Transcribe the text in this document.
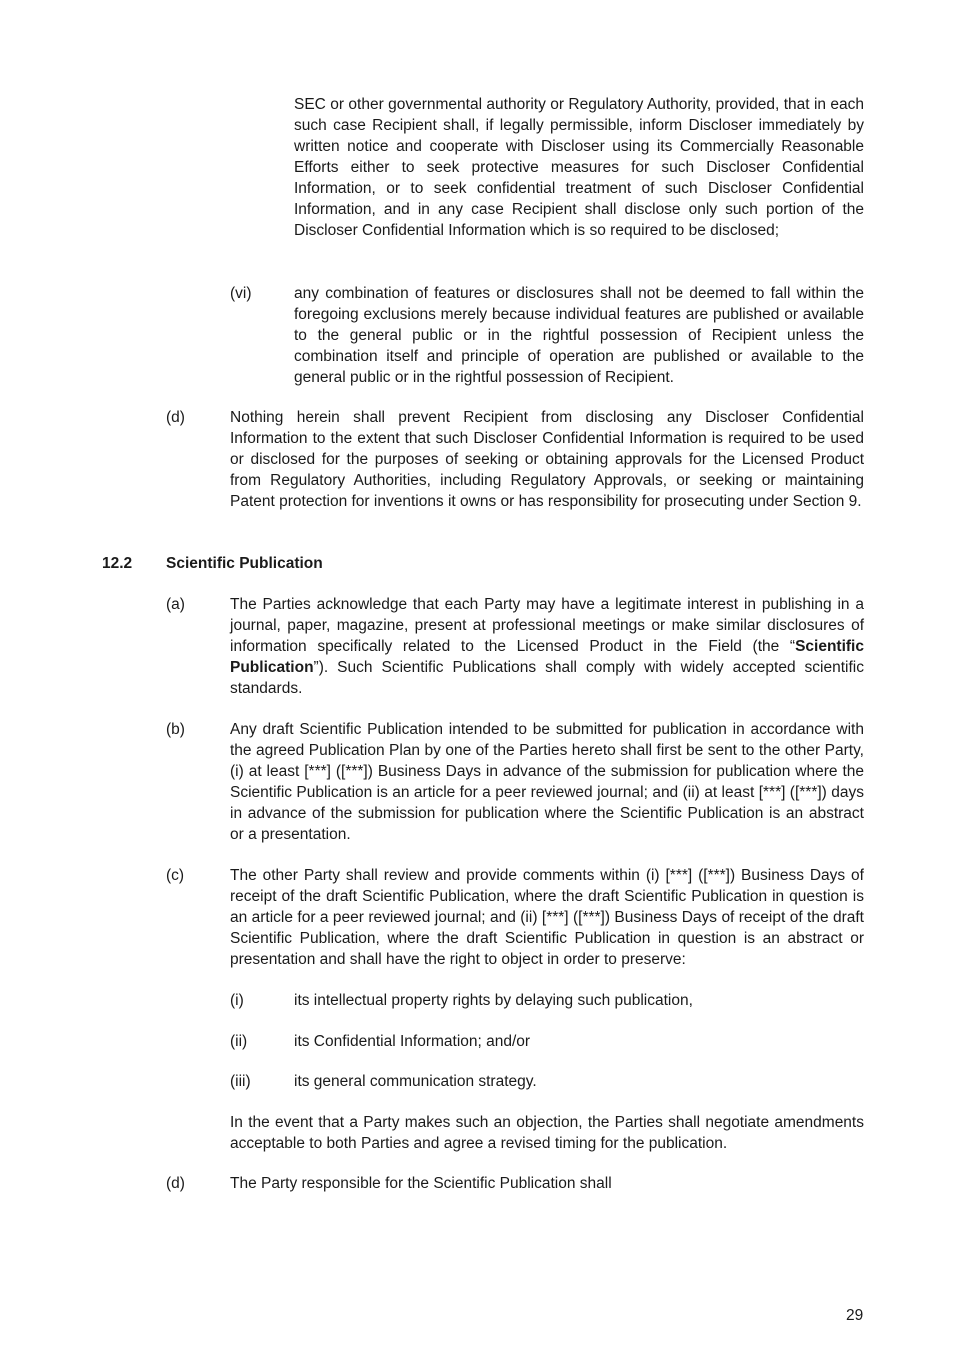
SEC or other governmental authority or Regulatory Authority, provided, that in each such case Recipient shall, if legally permissible, inform Discloser immediately by written notice and cooperate with Discloser using its Commercially Reasonable Efforts either to seek protective measures for such Discloser Confidential Information, or to seek confidential treatment of such Discloser Confidential Information, and in any case Recipient shall disclose only such portion of the Discloser Confidential Information which is so required to be disclosed;
(vi)	any combination of features or disclosures shall not be deemed to fall within the foregoing exclusions merely because individual features are published or available to the general public or in the rightful possession of Recipient unless the combination itself and principle of operation are published or available to the general public or in the rightful possession of Recipient.
(d)	Nothing herein shall prevent Recipient from disclosing any Discloser Confidential Information to the extent that such Discloser Confidential Information is required to be used or disclosed for the purposes of seeking or obtaining approvals for the Licensed Product from Regulatory Authorities, including Regulatory Approvals, or seeking or maintaining Patent protection for inventions it owns or has responsibility for prosecuting under Section 9.
12.2 Scientific Publication
(a)	The Parties acknowledge that each Party may have a legitimate interest in publishing in a journal, paper, magazine, present at professional meetings or make similar disclosures of information specifically related to the Licensed Product in the Field (the “Scientific Publication”). Such Scientific Publications shall comply with widely accepted scientific standards.
(b)	Any draft Scientific Publication intended to be submitted for publication in accordance with the agreed Publication Plan by one of the Parties hereto shall first be sent to the other Party, (i) at least [***] ([***]) Business Days in advance of the submission for publication where the Scientific Publication is an article for a peer reviewed journal; and (ii) at least [***] ([***]) days in advance of the submission for publication where the Scientific Publication is an abstract or a presentation.
(c)	The other Party shall review and provide comments within (i) [***] ([***]) Business Days of receipt of the draft Scientific Publication, where the draft Scientific Publication in question is an article for a peer reviewed journal; and (ii) [***] ([***]) Business Days of receipt of the draft Scientific Publication, where the draft Scientific Publication in question is an abstract or presentation and shall have the right to object in order to preserve:
(i)	its intellectual property rights by delaying such publication,
(ii)	its Confidential Information; and/or
(iii)	its general communication strategy.
In the event that a Party makes such an objection, the Parties shall negotiate amendments acceptable to both Parties and agree a revised timing for the publication.
(d)	The Party responsible for the Scientific Publication shall
29
